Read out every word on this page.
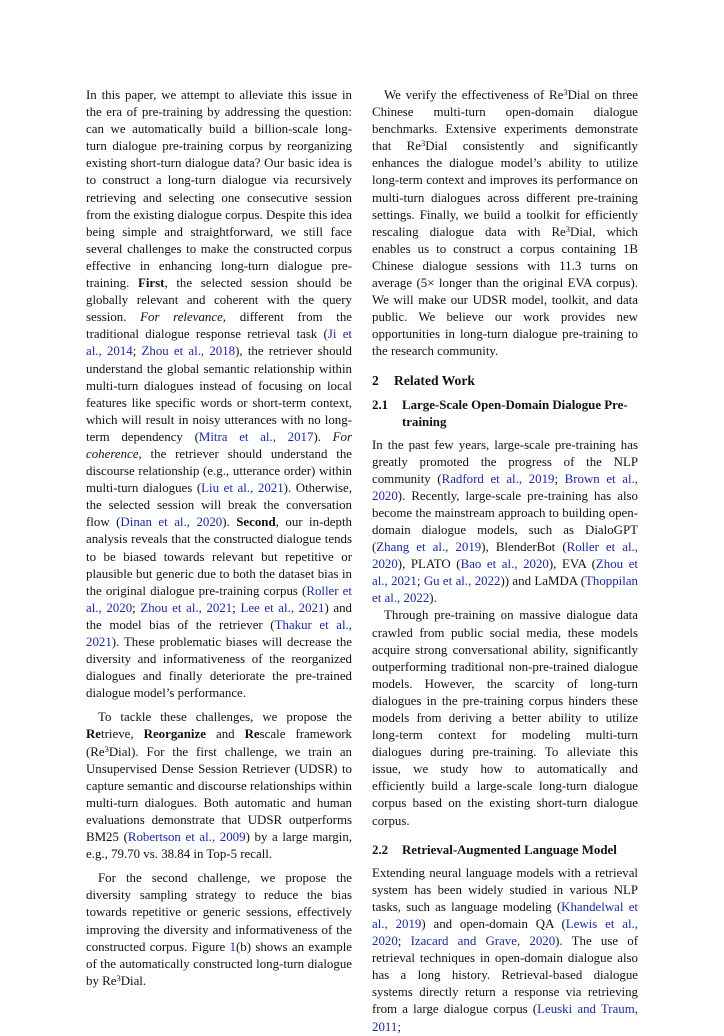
In this paper, we attempt to alleviate this issue in the era of pre-training by addressing the question: can we automatically build a billion-scale long-turn dialogue pre-training corpus by reorganizing existing short-turn dialogue data? Our basic idea is to construct a long-turn dialogue via recursively retrieving and selecting one consecutive session from the existing dialogue corpus. Despite this idea being simple and straightforward, we still face several challenges to make the constructed corpus effective in enhancing long-turn dialogue pre-training. First, the selected session should be globally relevant and coherent with the query session. For relevance, different from the traditional dialogue response retrieval task (Ji et al., 2014; Zhou et al., 2018), the retriever should understand the global semantic relationship within multi-turn dialogues instead of focusing on local features like specific words or short-term context, which will result in noisy utterances with no long-term dependency (Mitra et al., 2017). For coherence, the retriever should understand the discourse relationship (e.g., utterance order) within multi-turn dialogues (Liu et al., 2021). Otherwise, the selected session will break the conversation flow (Dinan et al., 2020). Second, our in-depth analysis reveals that the constructed dialogue tends to be biased towards relevant but repetitive or plausible but generic due to both the dataset bias in the original dialogue pre-training corpus (Roller et al., 2020; Zhou et al., 2021; Lee et al., 2021) and the model bias of the retriever (Thakur et al., 2021). These problematic biases will decrease the diversity and informativeness of the reorganized dialogues and finally deteriorate the pre-trained dialogue model’s performance.

To tackle these challenges, we propose the Retrieve, Reorganize and Rescale framework (Re$^3$Dial). For the first challenge, we train an Unsupervised Dense Session Retriever (UDSR) to capture semantic and discourse relationships within multi-turn dialogues. Both automatic and human evaluations demonstrate that UDSR outperforms BM25 (Robertson et al., 2009) by a large margin, e.g., 79.70 vs. 38.84 in Top-5 recall.

For the second challenge, we propose the diversity sampling strategy to reduce the bias towards repetitive or generic sessions, effectively improving the diversity and informativeness of the constructed corpus. Figure 1(b) shows an example of the automatically constructed long-turn dialogue by Re$^3$Dial.

We verify the effectiveness of Re$^3$Dial on three Chinese multi-turn open-domain dialogue benchmarks. Extensive experiments demonstrate that Re$^3$Dial consistently and significantly enhances the dialogue model’s ability to utilize long-term context and improves its performance on multi-turn dialogues across different pre-training settings. Finally, we build a toolkit for efficiently rescaling dialogue data with Re$^3$Dial, which enables us to construct a corpus containing 1B Chinese dialogue sessions with 11.3 turns on average (5× longer than the original EVA corpus). We will make our UDSR model, toolkit, and data public. We believe our work provides new opportunities in long-turn dialogue pre-training to the research community.

2 Related Work
2.1 Large-Scale Open-Domain Dialogue Pre-training

In the past few years, large-scale pre-training has greatly promoted the progress of the NLP community (Radford et al., 2019; Brown et al., 2020). Recently, large-scale pre-training has also become the mainstream approach to building open-domain dialogue models, such as DialoGPT (Zhang et al., 2019), BlenderBot (Roller et al., 2020), PLATO (Bao et al., 2020), EVA (Zhou et al., 2021; Gu et al., 2022)) and LaMDA (Thoppilan et al., 2022).

Through pre-training on massive dialogue data crawled from public social media, these models acquire strong conversational ability, significantly outperforming traditional non-pre-trained dialogue models. However, the scarcity of long-turn dialogues in the pre-training corpus hinders these models from deriving a better ability to utilize long-term context for modeling multi-turn dialogues during pre-training. To alleviate this issue, we study how to automatically and efficiently build a large-scale long-turn dialogue corpus based on the existing short-turn dialogue corpus.

2.2 Retrieval-Augmented Language Model

Extending neural language models with a retrieval system has been widely studied in various NLP tasks, such as language modeling (Khandelwal et al., 2019) and open-domain QA (Lewis et al., 2020; Izacard and Grave, 2020). The use of retrieval techniques in open-domain dialogue also has a long history. Retrieval-based dialogue systems directly return a response via retrieving from a large dialogue corpus (Leuski and Traum, 2011;
